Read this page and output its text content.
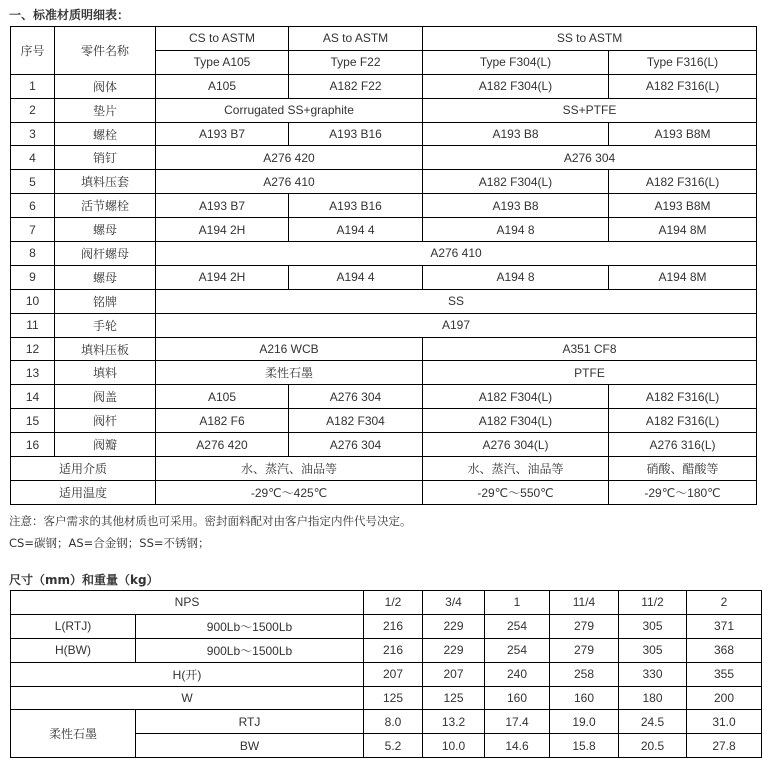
一、标准材质明细表：
序号	零件名称	CS to ASTM	AS to ASTM	SS to ASTM	
		Type A105	Type F22	Type F304(L)	Type F316(L)
1	阀体	A105	A182 F22	A182 F304(L)	A182 F316(L)
2	垫片	Corrugated SS+graphite		SS+PTFE	
3	螺栓	A193 B7	A193 B16	A193 B8	A193 B8M
4	销钉	A276 420		A276 304	
5	填料压套	A276 410		A182 F304(L)	A182 F316(L)
6	活节螺栓	A193 B7	A193 B16	A193 B8	A193 B8M
7	螺母	A194 2H	A194 4	A194 8	A194 8M
8	阀杆螺母	A276 410			
9	螺母	A194 2H	A194 4	A194 8	A194 8M
10	铭牌	SS			
11	手轮	A197			
12	填料压板	A216 WCB		A351 CF8	
13	填料	柔性石墨		PTFE	
14	阀盖	A105	A276 304	A182 F304(L)	A182 F316(L)
15	阀杆	A182 F6	A182 F304	A182 F304(L)	A182 F316(L)
16	阀瓣	A276 420	A276 304	A276 304(L)	A276 316(L)
适用介质		水、蒸汽、油品等		水、蒸汽、油品等	硝酸、醋酸等
适用温度		-29℃～425℃		-29℃～550℃	-29℃～180℃
注意：客户需求的其他材质也可采用。密封面料配对由客户指定内件代号决定。
CS=碳钢；AS=合金钢；SS=不锈钢；
尺寸（mm）和重量（kg）
NPS		1/2	3/4	1	11/4	11/2	2
L(RTJ)	900Lb～1500Lb	216	229	254	279	305	371
H(BW)	900Lb～1500Lb	216	229	254	279	305	368
H(开)		207	207	240	258	330	355
W		125	125	160	160	180	200
柔性石墨	RTJ	8.0	13.2	17.4	19.0	24.5	31.0
	BW	5.2	10.0	14.6	15.8	20.5	27.8
